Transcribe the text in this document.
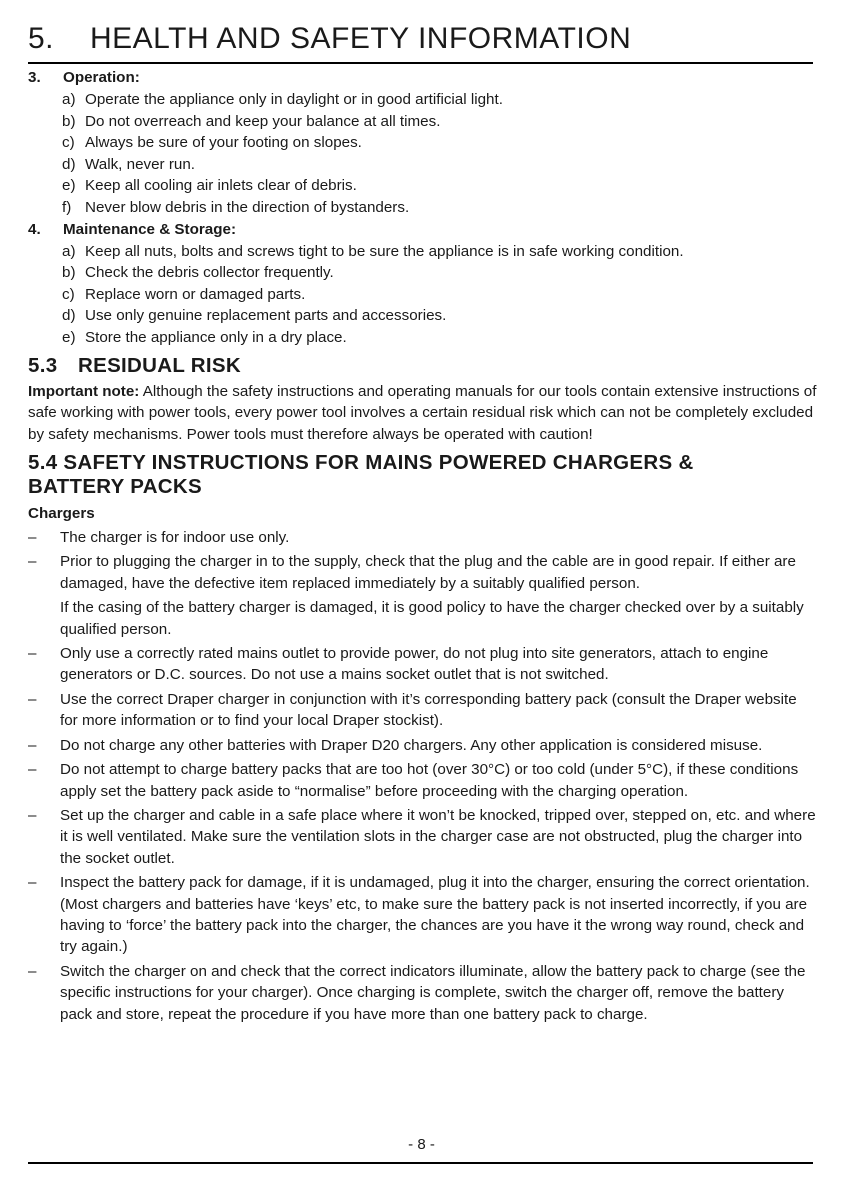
5. HEALTH AND SAFETY INFORMATION
3.	Operation:
a) Operate the appliance only in daylight or in good artificial light.
b) Do not overreach and keep your balance at all times.
c) Always be sure of your footing on slopes.
d) Walk, never run.
e) Keep all cooling air inlets clear of debris.
f) Never blow debris in the direction of bystanders.
4.	Maintenance & Storage:
a) Keep all nuts, bolts and screws tight to be sure the appliance is in safe working condition.
b) Check the debris collector frequently.
c) Replace worn or damaged parts.
d) Use only genuine replacement parts and accessories.
e) Store the appliance only in a dry place.
5.3 RESIDUAL RISK
Important note: Although the safety instructions and operating manuals for our tools contain extensive instructions of safe working with power tools, every power tool involves a certain residual risk which can not be completely excluded by safety mechanisms. Power tools must therefore always be operated with caution!
5.4 SAFETY INSTRUCTIONS FOR MAINS POWERED CHARGERS &
BATTERY PACKS
Chargers
–	The charger is for indoor use only.

–	Prior to plugging the charger in to the supply, check that the plug and the cable are in good repair. If either are damaged, have the defective item replaced immediately by a suitably qualified person.

If the casing of the battery charger is damaged, it is good policy to have the charger checked over by a suitably qualified person.

–	Only use a correctly rated mains outlet to provide power, do not plug into site generators, attach to engine generators or D.C. sources. Do not use a mains socket outlet that is not switched.

–	Use the correct Draper charger in conjunction with it’s corresponding battery pack (consult the Draper website for more information or to find your local Draper stockist).

–	Do not charge any other batteries with Draper D20 chargers. Any other application is considered misuse.

–	Do not attempt to charge battery packs that are too hot (over 30°C) or too cold (under 5°C), if these conditions apply set the battery pack aside to “normalise” before proceeding with the charging operation.

–	Set up the charger and cable in a safe place where it won’t be knocked, tripped over, stepped on, etc. and where it is well ventilated. Make sure the ventilation slots in the charger case are not obstructed, plug the charger into the socket outlet.

–	Inspect the battery pack for damage, if it is undamaged, plug it into the charger, ensuring the correct orientation. (Most chargers and batteries have ‘keys’ etc, to make sure the battery pack is not inserted incorrectly, if you are having to ‘force’ the battery pack into the charger, the chances are you have it the wrong way round, check and try again.)

–	Switch the charger on and check that the correct indicators illuminate, allow the battery pack to charge (see the specific instructions for your charger). Once charging is complete, switch the charger off, remove the battery pack and store, repeat the procedure if you have more than one battery pack to charge.

- 8 -
